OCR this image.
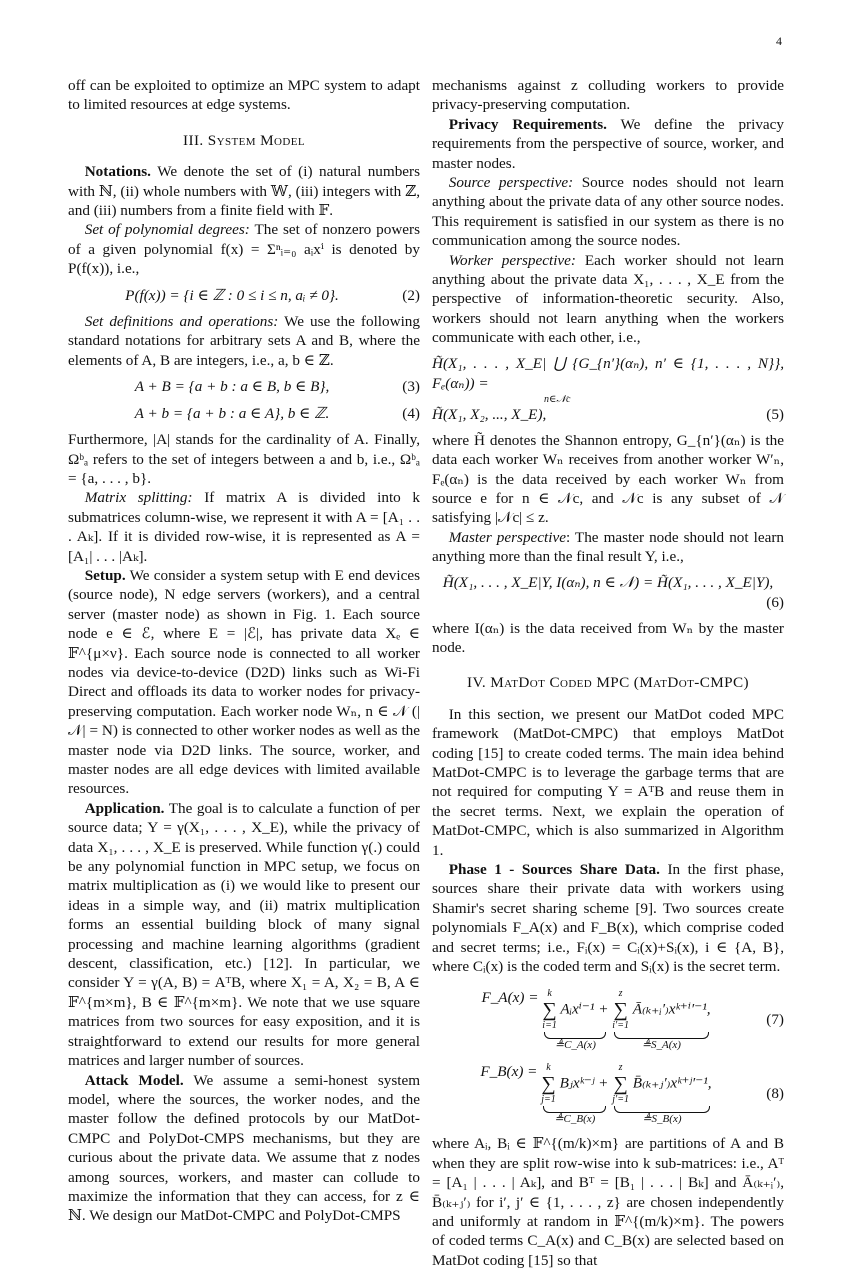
4

off can be exploited to optimize an MPC system to adapt to limited resources at edge systems.

III. System Model

Notations. We denote the set of (i) natural numbers with ℕ, (ii) whole numbers with 𝕎, (iii) integers with ℤ, and (iii) numbers from a finite field with 𝔽.

Set of polynomial degrees: The set of nonzero powers of a given polynomial f(x) = Σⁿᵢ₌₀ aᵢxⁱ is denoted by P(f(x)), i.e.,

P(f(x)) = {i ∈ ℤ : 0 ≤ i ≤ n, aᵢ ≠ 0}.	(2)

Set definitions and operations: We use the following standard notations for arbitrary sets A and B, where the elements of A, B are integers, i.e., a, b ∈ ℤ.

A + B = {a + b : a ∈ B, b ∈ B},	(3)
A + b = {a + b : a ∈ A}, b ∈ ℤ.	(4)

Furthermore, |A| stands for the cardinality of A. Finally, Ωᵇₐ refers to the set of integers between a and b, i.e., Ωᵇₐ = {a, . . . , b}.

Matrix splitting: If matrix A is divided into k submatrices column-wise, we represent it with A = [A₁ . . . Aₖ]. If it is divided row-wise, it is represented as A = [A₁| . . . |Aₖ].

Setup. We consider a system setup with E end devices (source node), N edge servers (workers), and a central server (master node) as shown in Fig. 1. Each source node e ∈ ℰ, where E = |ℰ|, has private data Xₑ ∈ 𝔽^{μ×ν}. Each source node is connected to all worker nodes via device-to-device (D2D) links such as Wi-Fi Direct and offloads its data to worker nodes for privacy-preserving computation. Each worker node Wₙ, n ∈ 𝒩 (|𝒩| = N) is connected to other worker nodes as well as the master node via D2D links. The source, worker, and master nodes are all edge devices with limited available resources.

Application. The goal is to calculate a function of per source data; Y = γ(X₁, . . . , X_E), while the privacy of data X₁, . . . , X_E is preserved. While function γ(.) could be any polynomial function in MPC setup, we focus on matrix multiplication as (i) we would like to present our ideas in a simple way, and (ii) matrix multiplication forms an essential building block of many signal processing and machine learning algorithms (gradient descent, classification, etc.) [12]. In particular, we consider Y = γ(A, B) = AᵀB, where X₁ = A, X₂ = B, A ∈ 𝔽^{m×m}, B ∈ 𝔽^{m×m}. We note that we use square matrices from two sources for easy exposition, and it is straightforward to extend our results for more general matrices and larger number of sources.

Attack Model. We assume a semi-honest system model, where the sources, the worker nodes, and the master follow the defined protocols by our MatDot-CMPC and PolyDot-CMPS mechanisms, but they are curious about the private data. We assume that z nodes among sources, workers, and master can collude to maximize the information that they can access, for z ∈ ℕ. We design our MatDot-CMPC and PolyDot-CMPS

mechanisms against z colluding workers to provide privacy-preserving computation.

Privacy Requirements. We define the privacy requirements from the perspective of source, worker, and master nodes.

Source perspective: Source nodes should not learn anything about the private data of any other source nodes. This requirement is satisfied in our system as there is no communication among the source nodes.

Worker perspective: Each worker should not learn anything about the private data X₁, . . . , X_E from the perspective of information-theoretic security. Also, workers should not learn anything when the workers communicate with each other, i.e.,

H̃(X₁, . . . , X_E| ⋃ {G_{n′}(αₙ), n′ ∈ {1, . . . , N}}, Fₑ(αₙ)) =
n∈𝒩c
H̃(X₁, X₂, ..., X_E),	(5)

where H̃ denotes the Shannon entropy, G_{n′}(αₙ) is the data each worker Wₙ receives from another worker W′ₙ, Fₑ(αₙ) is the data received by each worker Wₙ from source e for n ∈ 𝒩c, and 𝒩c is any subset of 𝒩 satisfying |𝒩c| ≤ z.

Master perspective: The master node should not learn anything more than the final result Y, i.e.,

H̃(X₁, . . . , X_E|Y, I(αₙ), n ∈ 𝒩) = H̃(X₁, . . . , X_E|Y),
(6)

where I(αₙ) is the data received from Wₙ by the master node.

IV. MatDot Coded MPC (MatDot-CMPC)

In this section, we present our MatDot coded MPC framework (MatDot-CMPC) that employs MatDot coding [15] to create coded terms. The main idea behind MatDot-CMPC is to leverage the garbage terms that are not required for computing Y = AᵀB and reuse them in the secret terms. Next, we explain the operation of MatDot-CMPC, which is also summarized in Algorithm 1.

Phase 1 - Sources Share Data. In the first phase, sources share their private data with workers using Shamir's secret sharing scheme [9]. Two sources create polynomials F_A(x) and F_B(x), which comprise coded and secret terms; i.e., Fᵢ(x) = Cᵢ(x)+Sᵢ(x), i ∈ {A, B}, where Cᵢ(x) is the coded term and Sᵢ(x) is the secret term.

F_A(x) = k
∑
i=1
Aᵢxⁱ⁻¹ +
≜C_A(x)

z
∑
i′=1
Ā₍ₖ₊ᵢ′₎xᵏ⁺ⁱ′⁻¹,
≜S_A(x)
(7)
F_B(x) = k
∑
j=1
Bⱼxᵏ⁻ʲ +
≜C_B(x)

z
∑
j′=1
B̄₍ₖ₊ⱼ′₎xᵏ⁺ʲ′⁻¹,
≜S_B(x)
(8)

where Aᵢ, Bᵢ ∈ 𝔽^{(m/k)×m} are partitions of A and B when they are split row-wise into k sub-matrices: i.e., Aᵀ = [A₁ | . . . | Aₖ], and Bᵀ = [B₁ | . . . | Bₖ] and Ā₍ₖ₊ᵢ′₎, B̄₍ₖ₊ⱼ′₎ for i′, j′ ∈ {1, . . . , z} are chosen independently and uniformly at random in 𝔽^{(m/k)×m}. The powers of coded terms C_A(x) and C_B(x) are selected based on MatDot coding [15] so that
